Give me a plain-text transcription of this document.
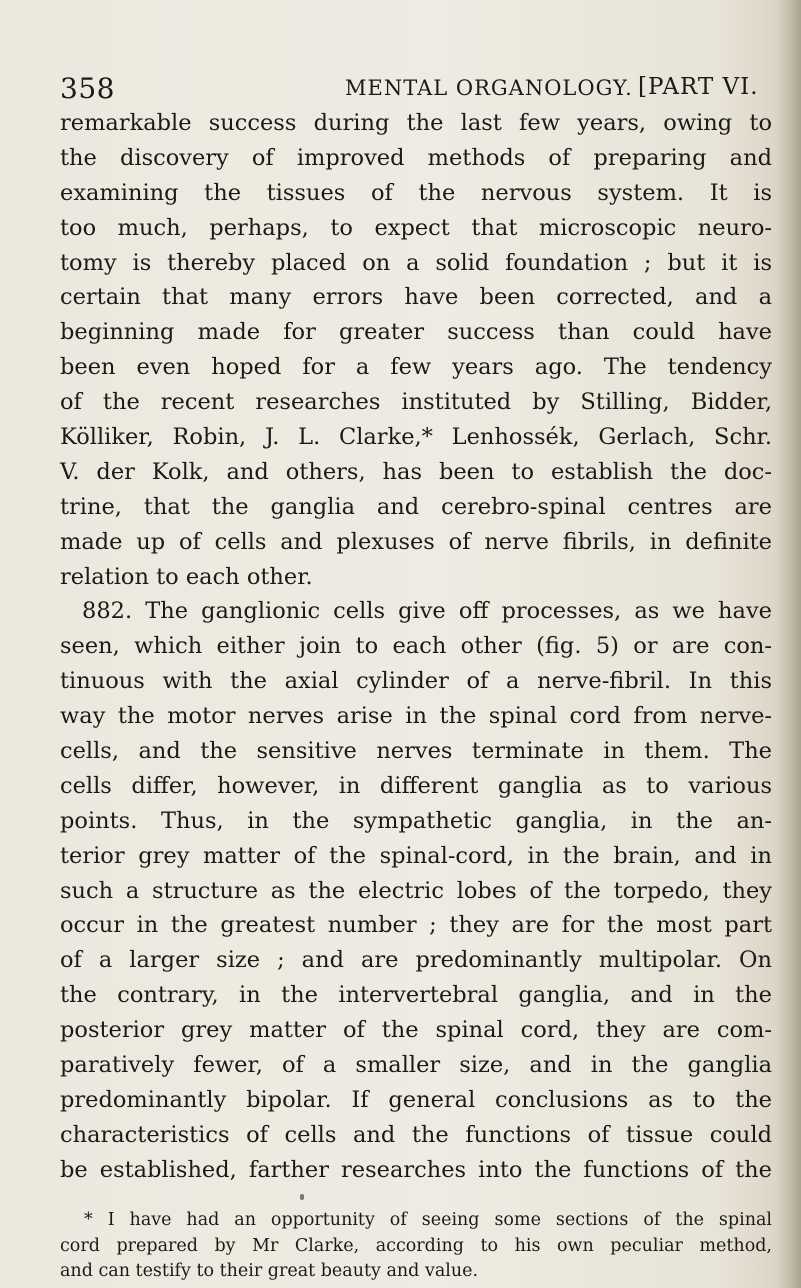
358	MENTAL ORGANOLOGY. [PART VI.
remarkable success during the last few years, owing to
the discovery of improved methods of preparing and
examining the tissues of the nervous system. It is
too much, perhaps, to expect that microscopic neuro-
tomy is thereby placed on a solid foundation ; but it is
certain that many errors have been corrected, and a
beginning made for greater success than could have
been even hoped for a few years ago. The tendency
of the recent researches instituted by Stilling, Bidder,
Kölliker, Robin, J. L. Clarke,* Lenhossék, Gerlach, Schr.
V. der Kolk, and others, has been to establish the doc-
trine, that the ganglia and cerebro-spinal centres are
made up of cells and plexuses of nerve fibrils, in definite
relation to each other.
882. The ganglionic cells give off processes, as we have
seen, which either join to each other (fig. 5) or are con-
tinuous with the axial cylinder of a nerve-fibril. In this
way the motor nerves arise in the spinal cord from nerve-
cells, and the sensitive nerves terminate in them. The
cells differ, however, in different ganglia as to various
points. Thus, in the sympathetic ganglia, in the an-
terior grey matter of the spinal-cord, in the brain, and in
such a structure as the electric lobes of the torpedo, they
occur in the greatest number ; they are for the most part
of a larger size ; and are predominantly multipolar. On
the contrary, in the intervertebral ganglia, and in the
posterior grey matter of the spinal cord, they are com-
paratively fewer, of a smaller size, and in the ganglia
predominantly bipolar. If general conclusions as to the
characteristics of cells and the functions of tissue could
be established, farther researches into the functions of the
* I have had an opportunity of seeing some sections of the spinal
cord prepared by Mr Clarke, according to his own peculiar method,
and can testify to their great beauty and value.
